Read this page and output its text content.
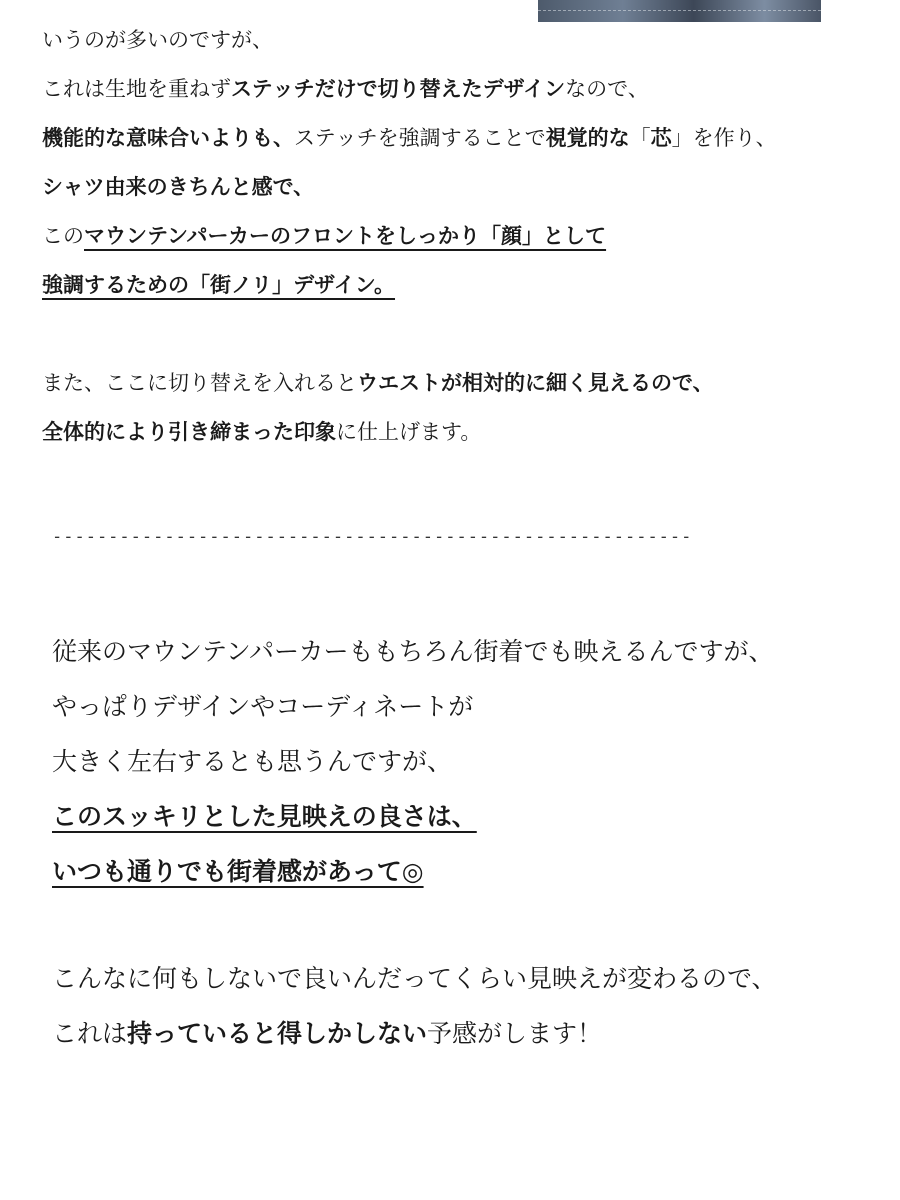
いうのが多いのですが、
これは生地を重ねずステッチだけで切り替えたデザインなので、
機能的な意味合いよりも、ステッチを強調することで視覚的な「芯」を作り、
シャツ由来のきちんと感で、
このマウンテンパーカーのフロントをしっかり「顔」として
強調するための「街ノリ」デザイン。
また、ここに切り替えを入れるとウエストが相対的に細く見えるので、
全体的により引き締まった印象に仕上げます。
---------------------------------------------------------
従来のマウンテンパーカーももちろん街着でも映えるんですが、
やっぱりデザインやコーディネートが
大きく左右するとも思うんですが、
このスッキリとした見映えの良さは、
いつも通りでも街着感があって◎
こんなに何もしないで良いんだってくらい見映えが変わるので、
これは持っていると得しかしない予感がします！
